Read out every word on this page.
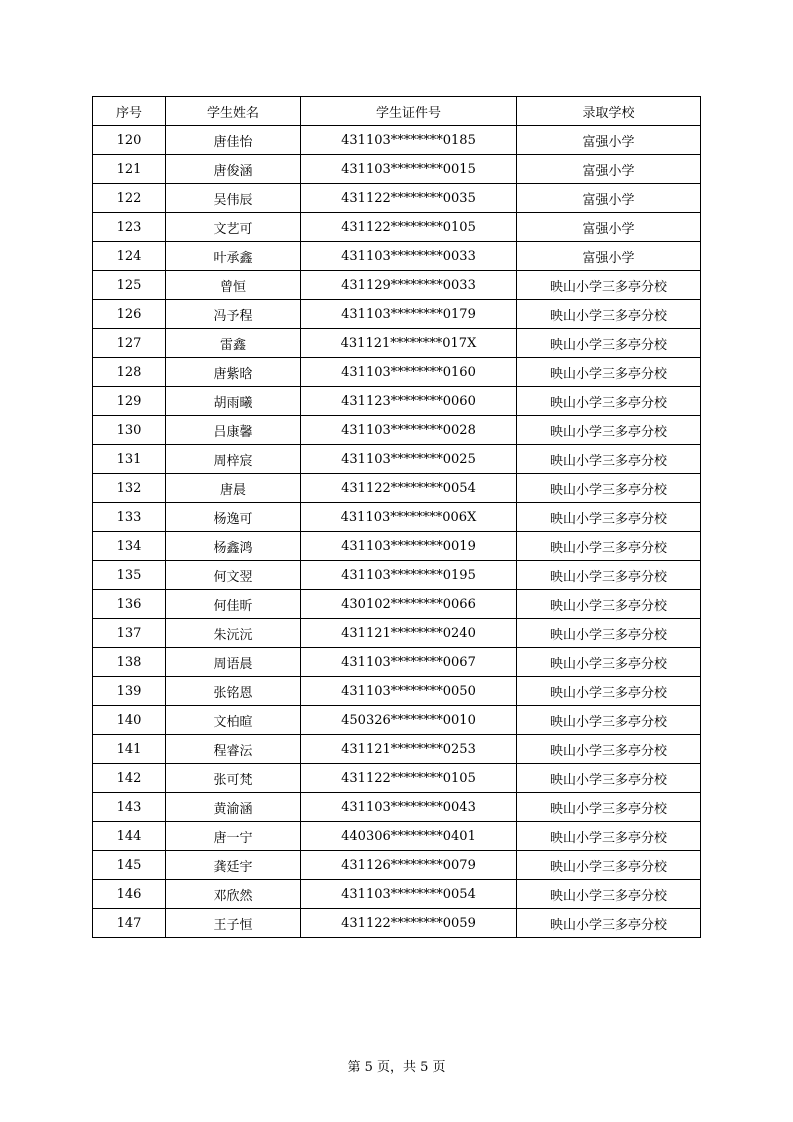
序号	学生姓名	学生证件号	录取学校
120	唐佳怡	431103********0185	富强小学
121	唐俊涵	431103********0015	富强小学
122	吴伟辰	431122********0035	富强小学
123	文艺可	431122********0105	富强小学
124	叶承鑫	431103********0033	富强小学
125	曾恒	431129********0033	映山小学三多亭分校
126	冯予程	431103********0179	映山小学三多亭分校
127	雷鑫	431121********017X	映山小学三多亭分校
128	唐紫晗	431103********0160	映山小学三多亭分校
129	胡雨曦	431123********0060	映山小学三多亭分校
130	吕康馨	431103********0028	映山小学三多亭分校
131	周梓宸	431103********0025	映山小学三多亭分校
132	唐晨	431122********0054	映山小学三多亭分校
133	杨逸可	431103********006X	映山小学三多亭分校
134	杨鑫鸿	431103********0019	映山小学三多亭分校
135	何文翌	431103********0195	映山小学三多亭分校
136	何佳昕	430102********0066	映山小学三多亭分校
137	朱沅沅	431121********0240	映山小学三多亭分校
138	周语晨	431103********0067	映山小学三多亭分校
139	张铭恩	431103********0050	映山小学三多亭分校
140	文柏暄	450326********0010	映山小学三多亭分校
141	程睿沄	431121********0253	映山小学三多亭分校
142	张可梵	431122********0105	映山小学三多亭分校
143	黄渝涵	431103********0043	映山小学三多亭分校
144	唐一宁	440306********0401	映山小学三多亭分校
145	龚廷宇	431126********0079	映山小学三多亭分校
146	邓欣然	431103********0054	映山小学三多亭分校
147	王子恒	431122********0059	映山小学三多亭分校
第 5 页，共 5 页
